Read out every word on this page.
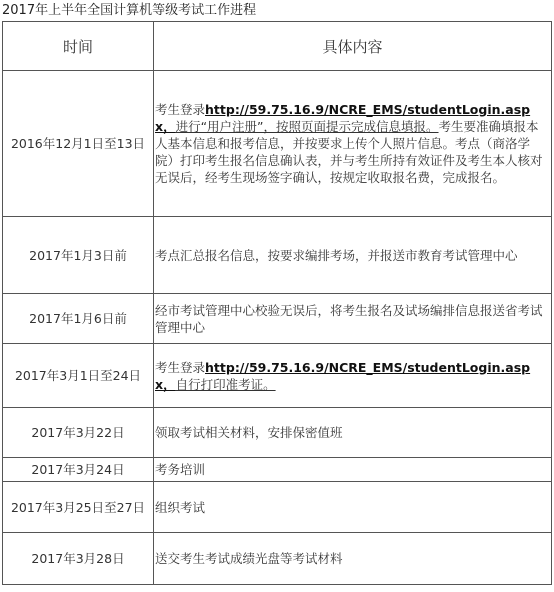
2017年上半年全国计算机等级考试工作进程
时间	具体内容
2016年12月1日至13日	考生登录http://59.75.16.9/NCRE_EMS/studentLogin.aspx，进行“用户注册”，按照页面提示完成信息填报。考生要准确填报本人基本信息和报考信息，并按要求上传个人照片信息。考点（商洛学院）打印考生报名信息确认表，并与考生所持有效证件及考生本人核对无误后，经考生现场签字确认，按规定收取报名费，完成报名。
2017年1月3日前	考点汇总报名信息，按要求编排考场，并报送市教育考试管理中心
2017年1月6日前	经市考试管理中心校验无误后，将考生报名及试场编排信息报送省考试管理中心
2017年3月1日至24日	考生登录http://59.75.16.9/NCRE_EMS/studentLogin.aspx，自行打印准考证。
2017年3月22日	领取考试相关材料，安排保密值班
2017年3月24日	考务培训
2017年3月25日至27日	组织考试
2017年3月28日	送交考生考试成绩光盘等考试材料
